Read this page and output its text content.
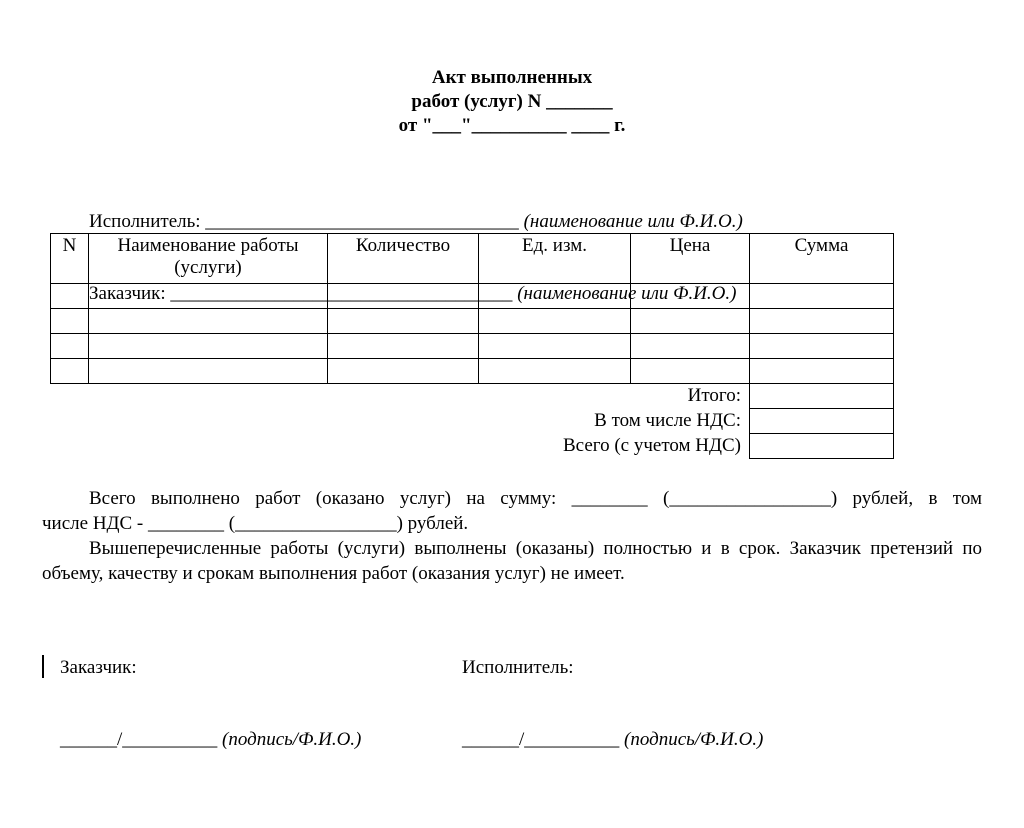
Акт выполненных
работ (услуг) N _______
от "___"__________ ____ г.

Исполнитель: _________________________________ (наименование или Ф.И.О.)

Заказчик: ____________________________________ (наименование или Ф.И.О.)

N	Наименование работы (услуги)	Количество	Ед. изм.	Цена	Сумма

Итого:					
В том числе НДС:					
Всего (с учетом НДС)					

Всего выполнено работ (оказано услуг) на сумму: ________ (_________________) рублей, в том

числе НДС - ________ (_________________) рублей.

Вышеперечисленные работы (услуги) выполнены (оказаны) полностью и в срок. Заказчик претензий по объему, качеству и срокам выполнения работ (оказания услуг) не имеет.

Заказчик:

______/__________ (подпись/Ф.И.О.)

Исполнитель:

______/__________ (подпись/Ф.И.О.)
